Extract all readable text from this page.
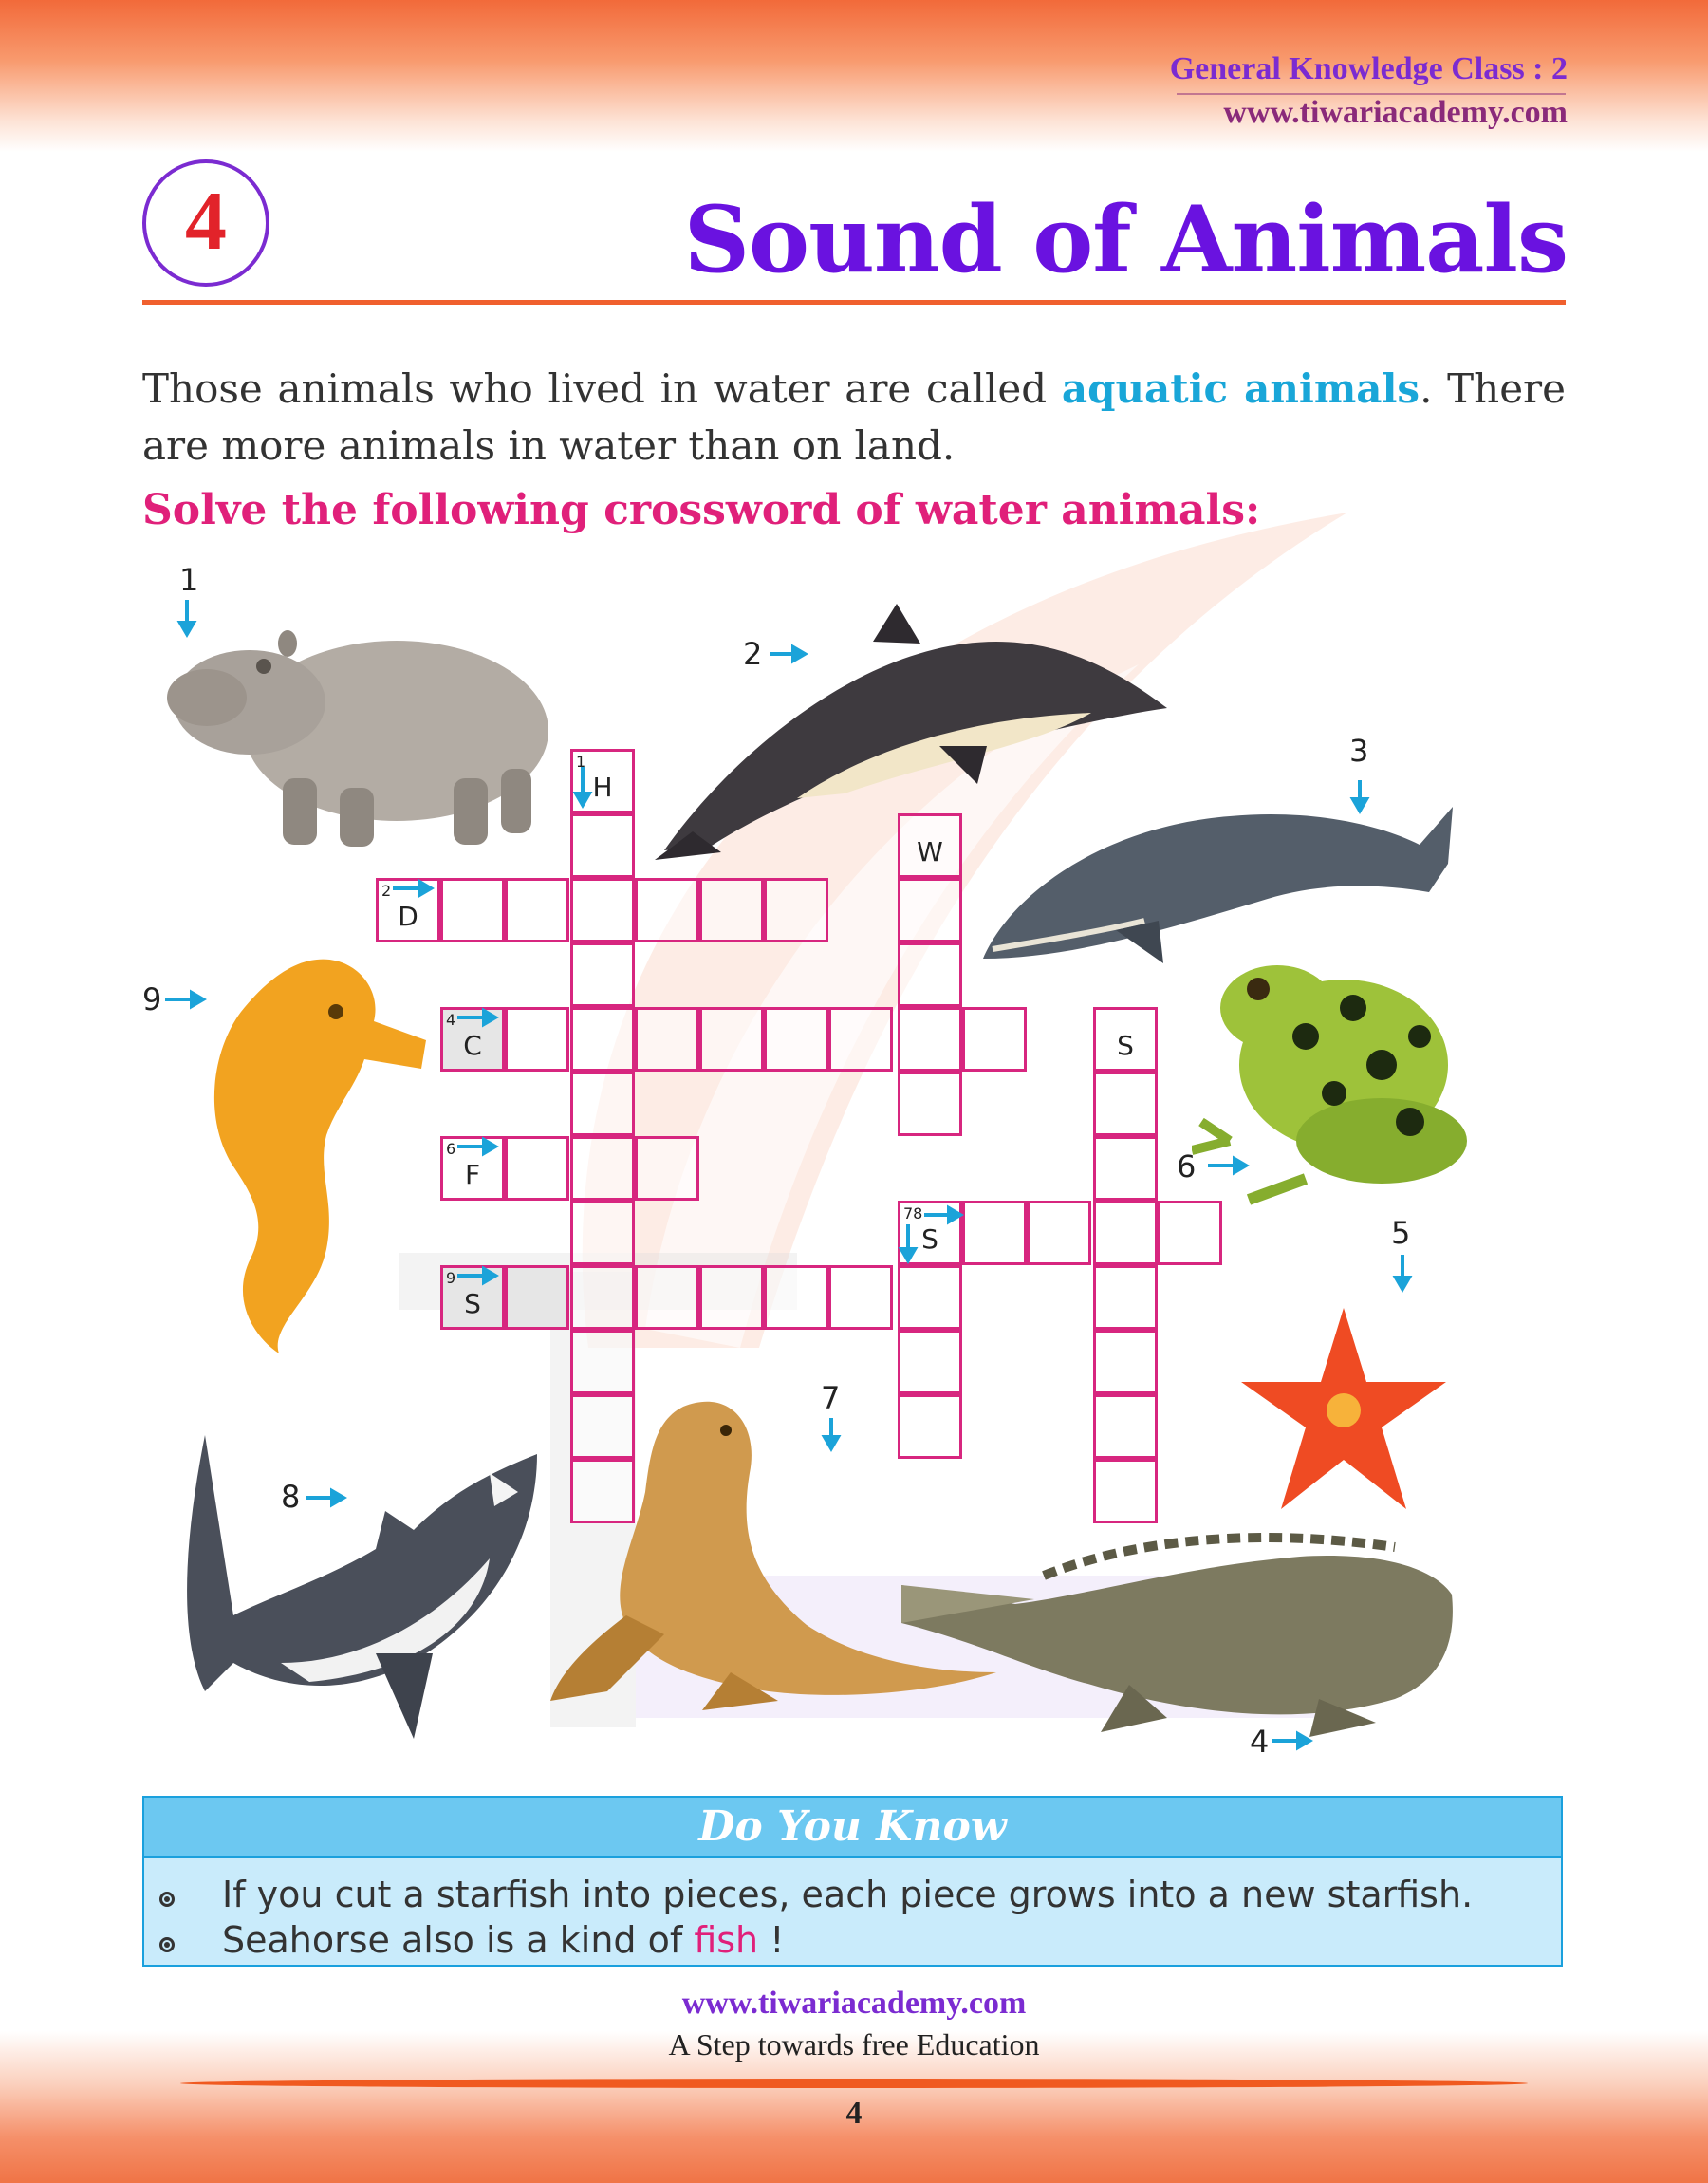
General Knowledge Class : 2
www.tiwariacademy.com
4	Sound of Animals
Those animals who lived in water are called aquatic animals. There are more animals in water than on land.
Solve the following crossword of water animals:
1
H
2
D
W
4
C	S
6
F
78
S
9
S
1
2
3
9
6
5
7
8
4
Do You Know
If you cut a starfish into pieces, each piece grows into a new starfish.
Seahorse also is a kind of fish !
www.tiwariacademy.com
A Step towards free Education
4
